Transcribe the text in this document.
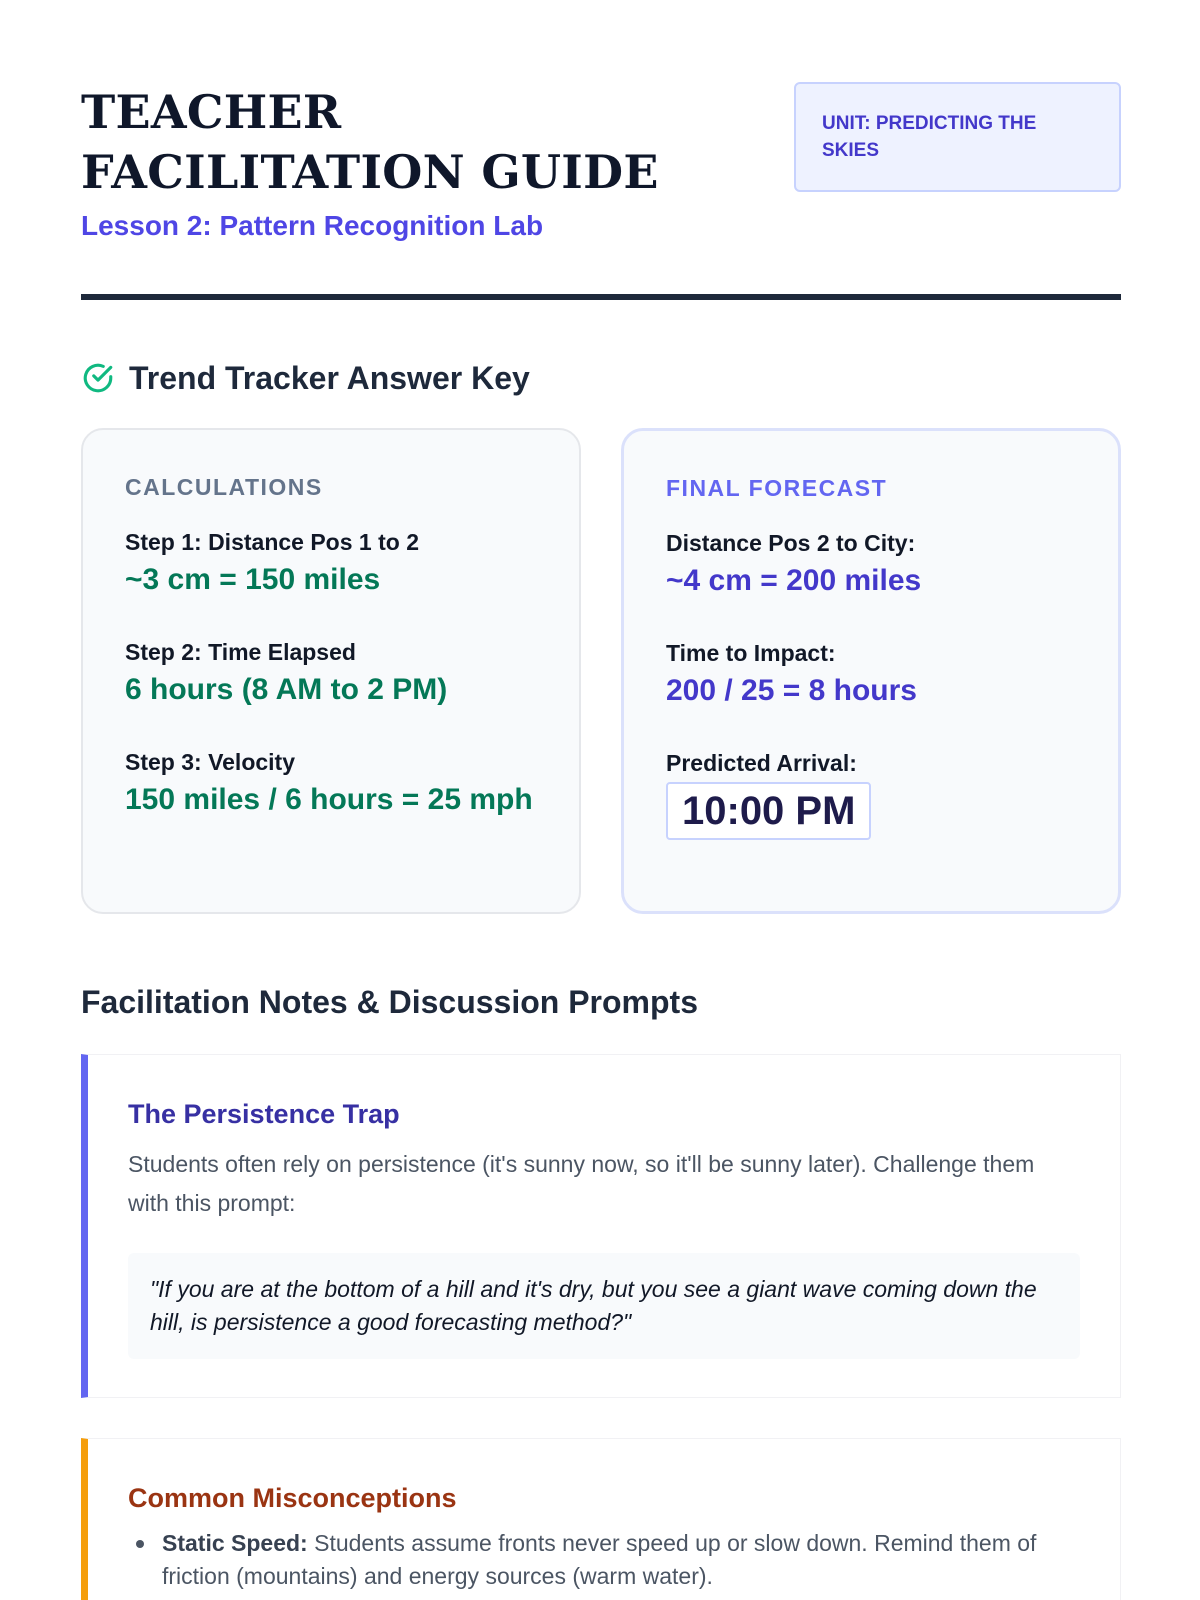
TEACHER FACILITATION GUIDE
Lesson 2: Pattern Recognition Lab
UNIT: PREDICTING THE SKIES
Trend Tracker Answer Key
CALCULATIONS
Step 1: Distance Pos 1 to 2
~3 cm = 150 miles
Step 2: Time Elapsed
6 hours (8 AM to 2 PM)
Step 3: Velocity
150 miles / 6 hours = 25 mph
FINAL FORECAST
Distance Pos 2 to City:
~4 cm = 200 miles
Time to Impact:
200 / 25 = 8 hours
Predicted Arrival:
10:00 PM
Facilitation Notes & Discussion Prompts
The Persistence Trap

Students often rely on persistence (it's sunny now, so it'll be sunny later). Challenge them with this prompt:

"If you are at the bottom of a hill and it's dry, but you see a giant wave coming down the hill, is persistence a good forecasting method?"
Common Misconceptions
Static Speed: Students assume fronts never speed up or slow down. Remind them of friction (mountains) and energy sources (warm water).
